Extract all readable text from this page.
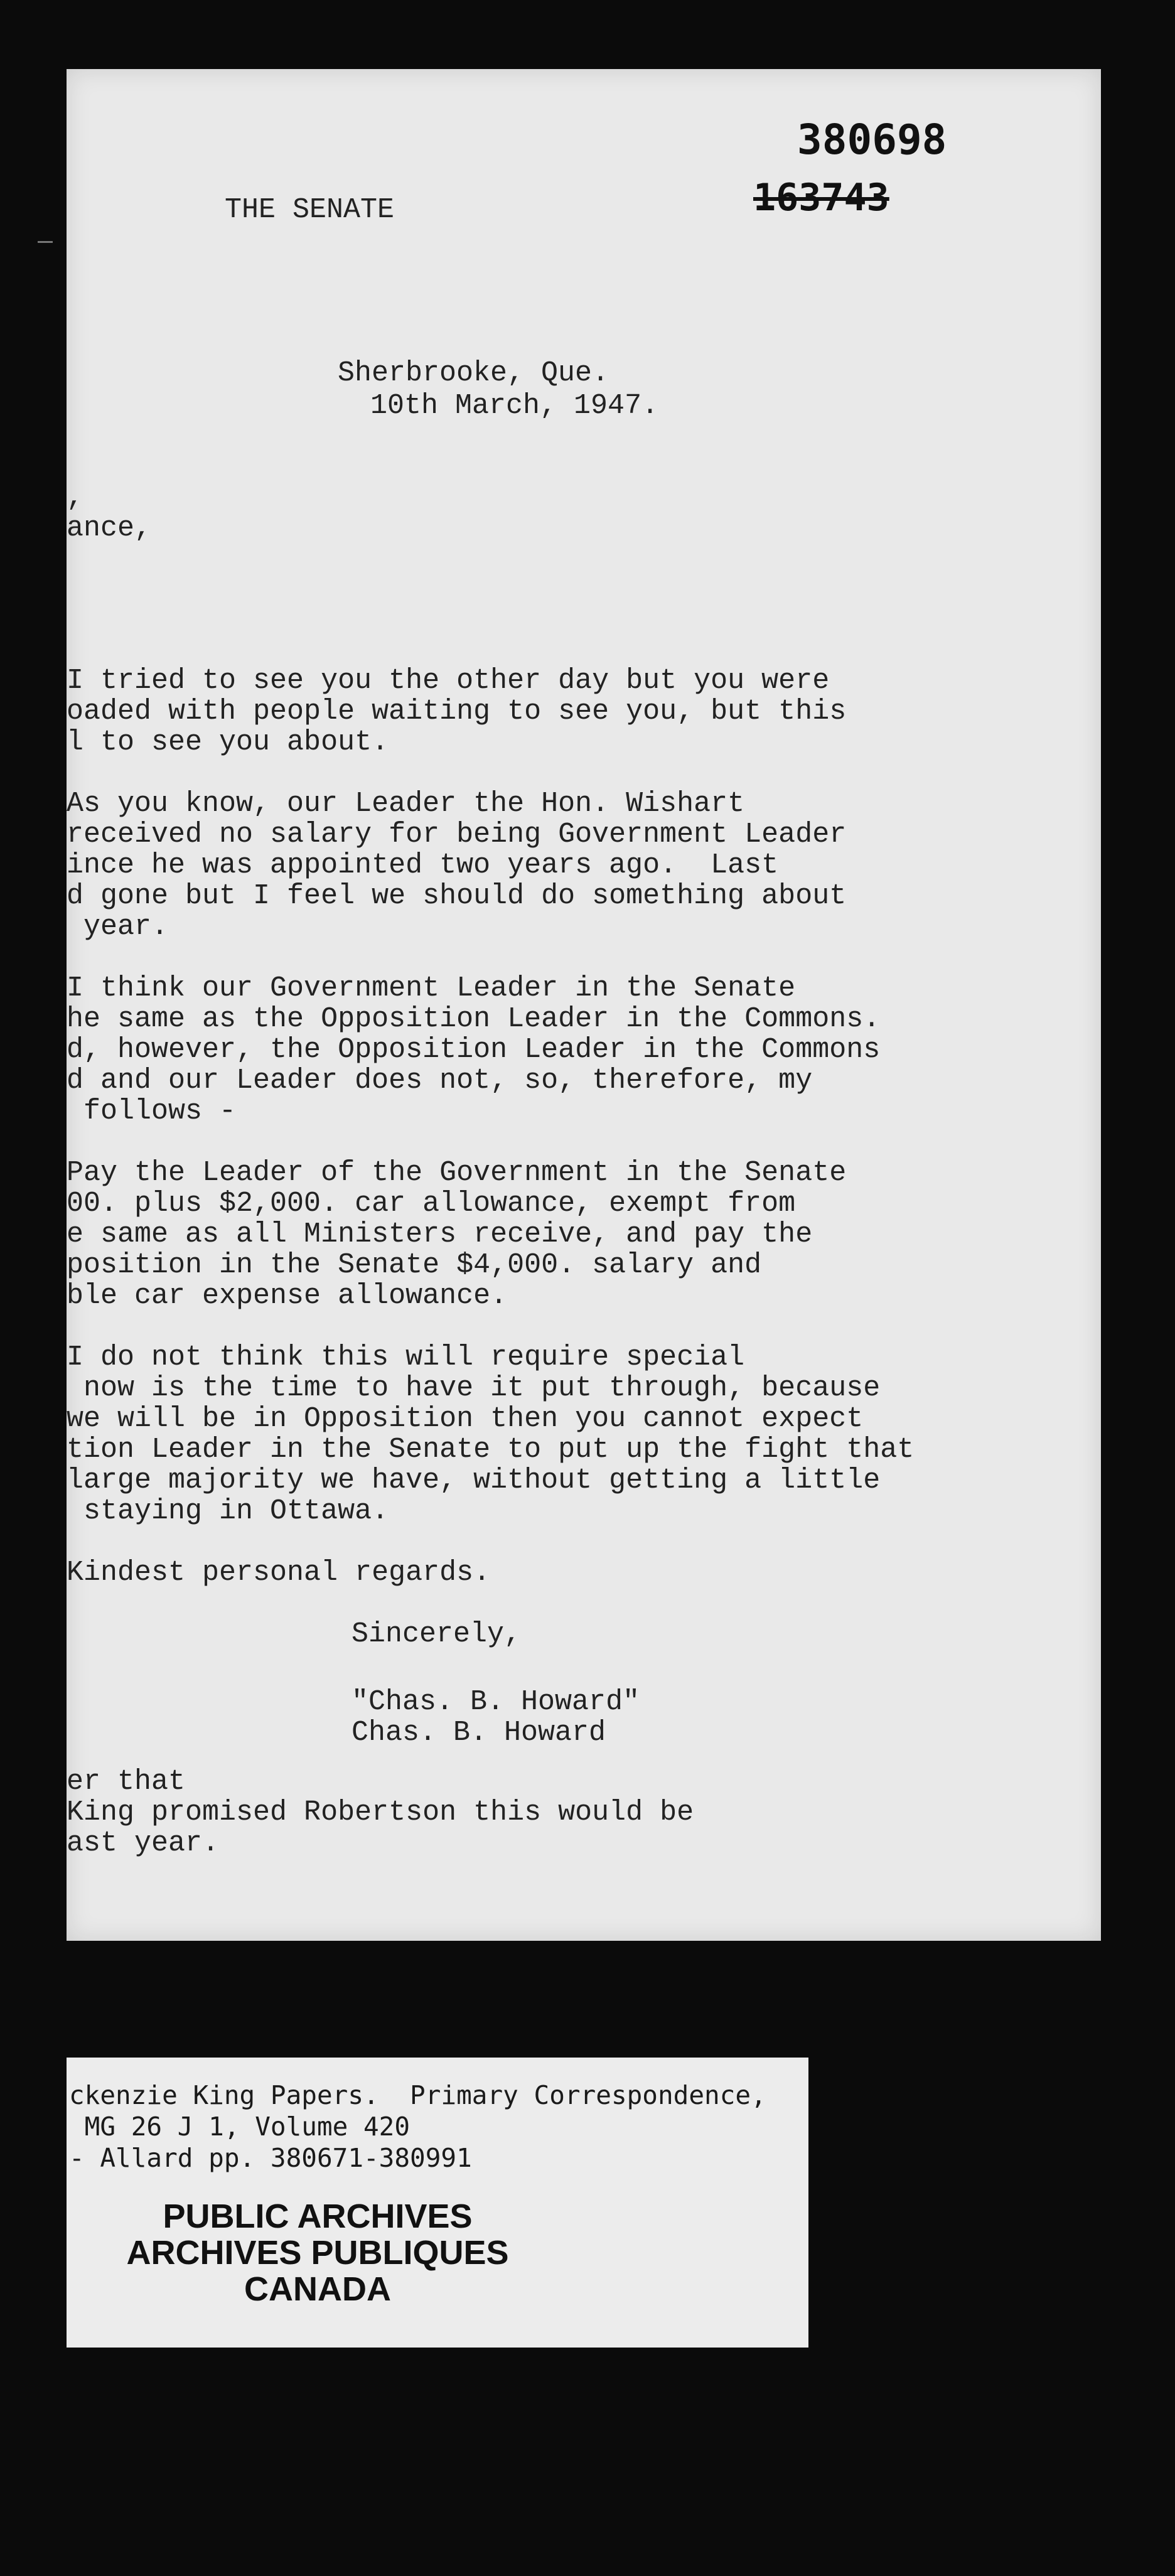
380698
163743
THE SENATE
Sherbrooke, Que.
10th March, 1947.
,
ance,
I tried to see you the other day but you were
oaded with people waiting to see you, but this
l to see you about.
As you know, our Leader the Hon. Wishart
received no salary for being Government Leader
ince he was appointed two years ago.  Last
d gone but I feel we should do something about
year.
I think our Government Leader in the Senate
he same as the Opposition Leader in the Commons.
d, however, the Opposition Leader in the Commons
d and our Leader does not, so, therefore, my
follows -
Pay the Leader of the Government in the Senate
00. plus $2,000. car allowance, exempt from
e same as all Ministers receive, and pay the
position in the Senate $4,000. salary and
ble car expense allowance.
I do not think this will require special
now is the time to have it put through, because
we will be in Opposition then you cannot expect
tion Leader in the Senate to put up the fight that
large majority we have, without getting a little
staying in Ottawa.
Kindest personal regards.
Sincerely,
"Chas. B. Howard"
Chas. B. Howard
er that
King promised Robertson this would be
ast year.
ckenzie King Papers.  Primary Correspondence,
MG 26 J 1, Volume 420
- Allard pp. 380671-380991
PUBLIC ARCHIVES
ARCHIVES PUBLIQUES
CANADA
